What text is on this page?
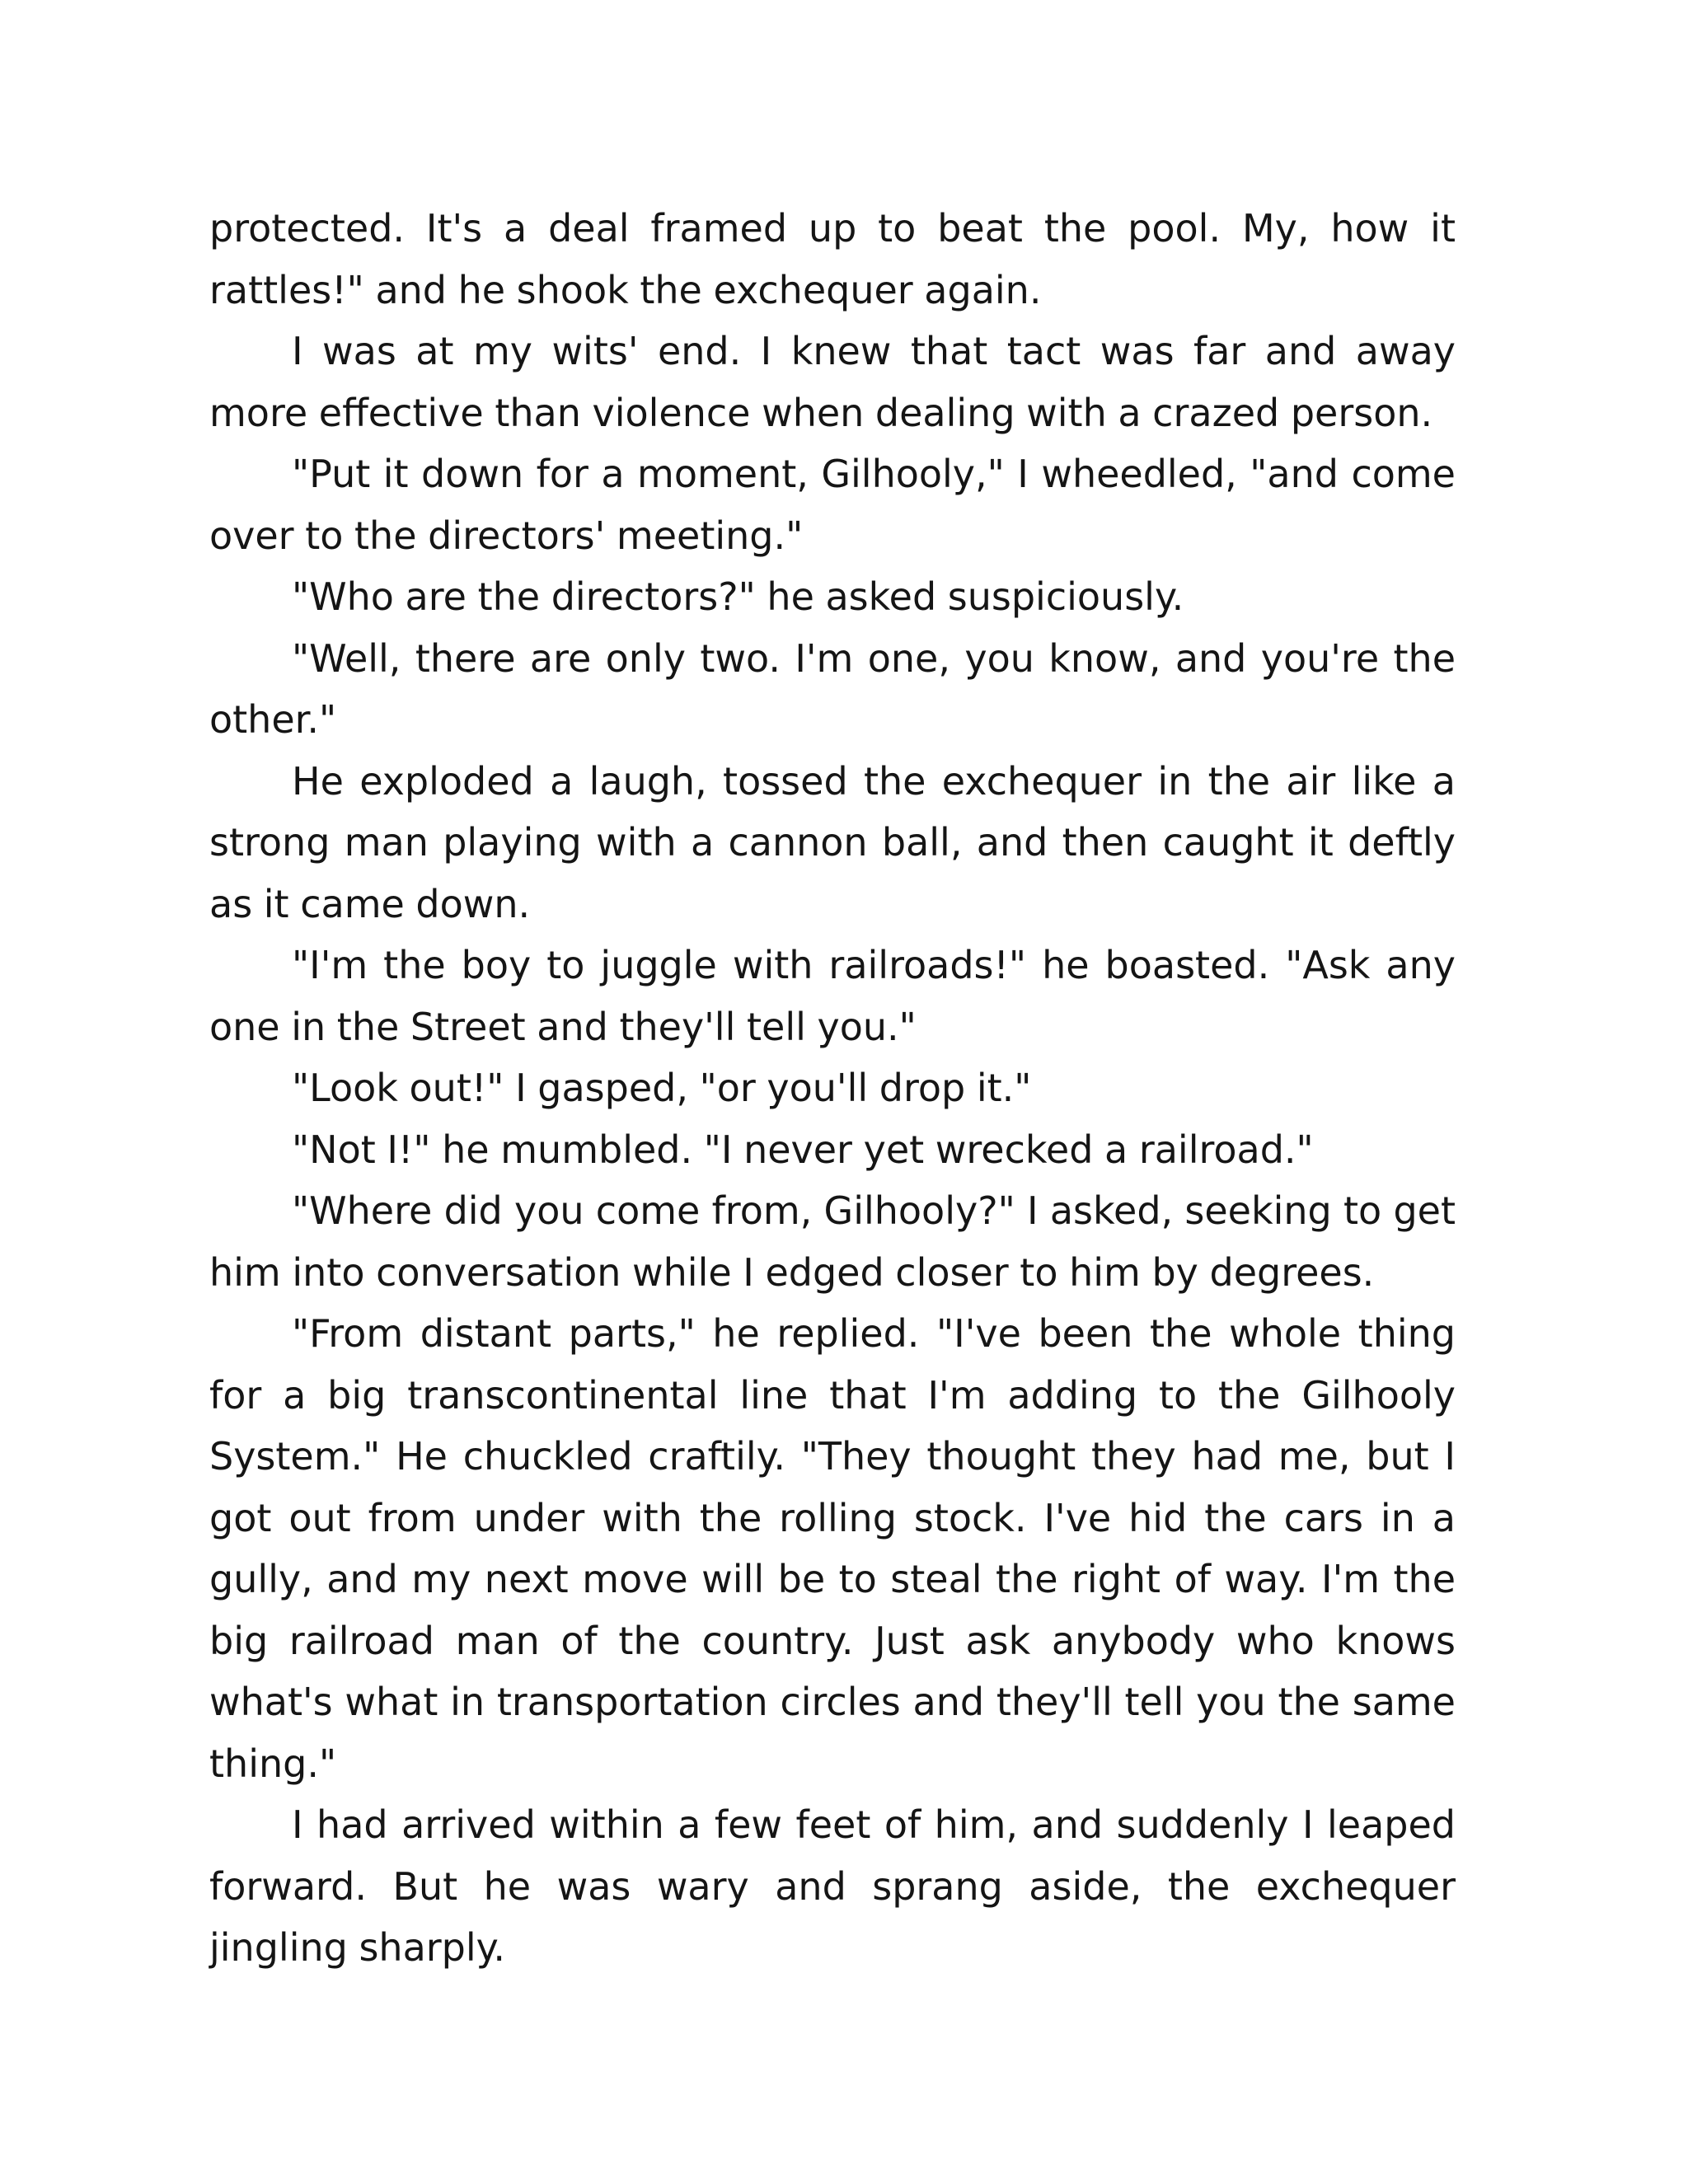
protected. It's a deal framed up to beat the pool. My, how it rattles!" and he shook the exchequer again.

I was at my wits' end. I knew that tact was far and away more effective than violence when dealing with a crazed person.

"Put it down for a moment, Gilhooly," I wheedled, "and come over to the directors' meeting."

"Who are the directors?" he asked suspiciously.

"Well, there are only two. I'm one, you know, and you're the other."

He exploded a laugh, tossed the exchequer in the air like a strong man playing with a cannon ball, and then caught it deftly as it came down.

"I'm the boy to juggle with railroads!" he boasted. "Ask any one in the Street and they'll tell you."

"Look out!" I gasped, "or you'll drop it."

"Not I!" he mumbled. "I never yet wrecked a railroad."

"Where did you come from, Gilhooly?" I asked, seeking to get him into conversation while I edged closer to him by degrees.

"From distant parts," he replied. "I've been the whole thing for a big transcontinental line that I'm adding to the Gilhooly System." He chuckled craftily. "They thought they had me, but I got out from under with the rolling stock. I've hid the cars in a gully, and my next move will be to steal the right of way. I'm the big railroad man of the country. Just ask anybody who knows what's what in transportation circles and they'll tell you the same thing."

I had arrived within a few feet of him, and suddenly I leaped forward. But he was wary and sprang aside, the exchequer jingling sharply.
